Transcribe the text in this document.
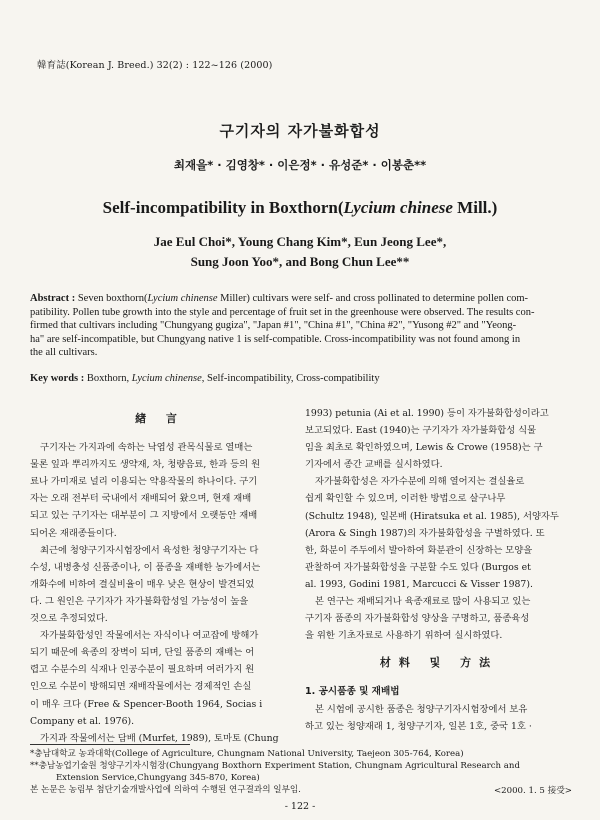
韓育誌(Korean J. Breed.) 32(2) : 122~126 (2000)
구기자의 자가불화합성
최재을* · 김영창* · 이은정* · 유성준* · 이봉춘**
Self-incompatibility in Boxthorn(Lycium chinese Mill.)
Jae Eul Choi*, Young Chang Kim*, Eun Jeong Lee*,
Sung Joon Yoo*, and Bong Chun Lee**
Abstract : Seven boxthorn(Lycium chinense Miller) cultivars were self- and cross pollinated to determine pollen com-
patibility. Pollen tube growth into the style and percentage of fruit set in the greenhouse were observed. The results con-
firmed that cultivars including "Chungyang gugiza", "Japan #1", "China #1", "China #2", "Yusong #2" and "Yeong-
ha" are self-incompatible, but Chungyang native 1 is self-compatible. Cross-incompatibility was not found among in
the all cultivars.
Key words : Boxthorn, Lycium chinense, Self-incompatibility, Cross-compatibility
緖 言
구기자는 가지과에 속하는 낙엽성 관목식물로 열매는
물론 잎과 뿌리까지도 생약재, 차, 청량음료, 한과 등의 원
료나 가미재로 널리 이용되는 약용작물의 하나이다. 구기
자는 오래 전부터 국내에서 재배되어 왔으며, 현재 재배
되고 있는 구기자는 대부분이 그 지방에서 오랫동안 재배
되어온 재래종들이다.
최근에 청양구기자시험장에서 육성한 청양구기자는 다
수성, 내병충성 신품종이나, 이 품종을 재배한 농가에서는
개화수에 비하여 결실비율이 매우 낮은 현상이 발견되었
다. 그 원인은 구기자가 자가불화합성일 가능성이 높을
것으로 추정되었다.
자가불화합성인 작물에서는 자식이나 여교잡에 방해가
되기 때문에 육종의 장벽이 되며, 단일 품종의 재배는 어
렵고 수분수의 식재나 인공수분이 필요하며 여러가지 원
인으로 수분이 방해되면 재배작물에서는 경제적인 손실
이 매우 크다 (Free & Spencer-Booth 1964, Socias i
Company et al. 1976).
가지과 작물에서는 담배 (Murfet, 1989), 토마토 (Chung
1993) petunia (Ai et al. 1990) 등이 자가불화합성이라고
보고되었다. East (1940)는 구기자가 자가불화합성 식물
임을 최초로 확인하였으며, Lewis & Crowe (1958)는 구
기자에서 종간 교배를 실시하였다.
자가불화합성은 자가수분에 의해 열어지는 결실율로
쉽게 확인할 수 있으며, 이러한 방법으로 살구나무
(Schultz 1948), 일본배 (Hiratsuka et al. 1985), 서양자두
(Arora & Singh 1987)의 자가불화합성을 구별하였다. 또
한, 화분이 주두에서 발아하여 화분관이 신장하는 모양을
관찰하여 자가불화합성을 구분할 수도 있다 (Burgos et
al. 1993, Godini 1981, Marcucci & Visser 1987).
본 연구는 재배되거나 육종재료로 많이 사용되고 있는
구기자 품종의 자가불화합성 양상을 구명하고, 품종육성
을 위한 기초자료로 사용하기 위하여 실시하였다.
材料 및 方法
1. 공시품종 및 재배법
본 시험에 공시한 품종은 청양구기자시험장에서 보유
하고 있는 청양재래 1, 청양구기자, 일본 1호, 중국 1호 ·
*충남대학교 농과대학(College of Agriculture, Chungnam National University, Taejeon 305-764, Korea)
**충남농업기술원 청양구기자시험장(Chungyang Boxthorn Experiment Station, Chungnam Agricultural Research and
Extension Service,Chungyang 345-870, Korea)
본 논문은 농림부 첨단기술개발사업에 의하여 수행된 연구결과의 일부임.	<2000. 1. 5 接受>
- 122 -
